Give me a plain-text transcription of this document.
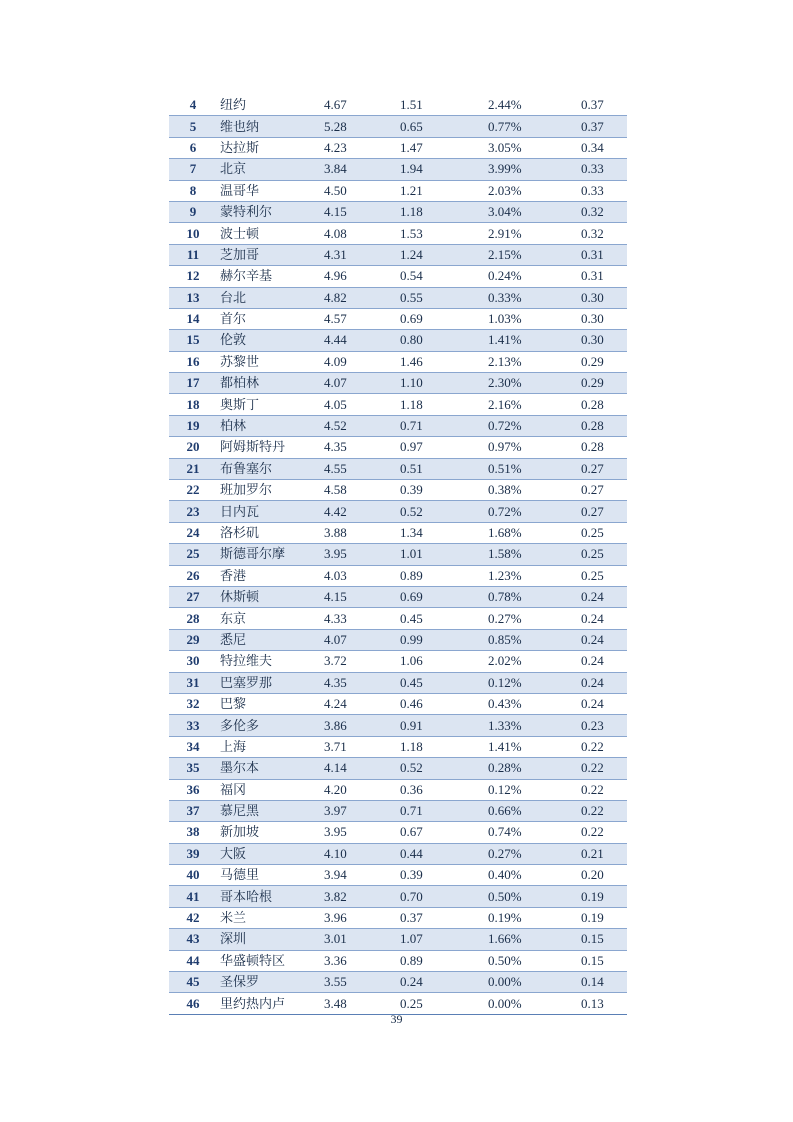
4	纽约	4.67	1.51	2.44%	0.37
5	维也纳	5.28	0.65	0.77%	0.37
6	达拉斯	4.23	1.47	3.05%	0.34
7	北京	3.84	1.94	3.99%	0.33
8	温哥华	4.50	1.21	2.03%	0.33
9	蒙特利尔	4.15	1.18	3.04%	0.32
10	波士顿	4.08	1.53	2.91%	0.32
11	芝加哥	4.31	1.24	2.15%	0.31
12	赫尔辛基	4.96	0.54	0.24%	0.31
13	台北	4.82	0.55	0.33%	0.30
14	首尔	4.57	0.69	1.03%	0.30
15	伦敦	4.44	0.80	1.41%	0.30
16	苏黎世	4.09	1.46	2.13%	0.29
17	都柏林	4.07	1.10	2.30%	0.29
18	奥斯丁	4.05	1.18	2.16%	0.28
19	柏林	4.52	0.71	0.72%	0.28
20	阿姆斯特丹	4.35	0.97	0.97%	0.28
21	布鲁塞尔	4.55	0.51	0.51%	0.27
22	班加罗尔	4.58	0.39	0.38%	0.27
23	日内瓦	4.42	0.52	0.72%	0.27
24	洛杉矶	3.88	1.34	1.68%	0.25
25	斯德哥尔摩	3.95	1.01	1.58%	0.25
26	香港	4.03	0.89	1.23%	0.25
27	休斯顿	4.15	0.69	0.78%	0.24
28	东京	4.33	0.45	0.27%	0.24
29	悉尼	4.07	0.99	0.85%	0.24
30	特拉维夫	3.72	1.06	2.02%	0.24
31	巴塞罗那	4.35	0.45	0.12%	0.24
32	巴黎	4.24	0.46	0.43%	0.24
33	多伦多	3.86	0.91	1.33%	0.23
34	上海	3.71	1.18	1.41%	0.22
35	墨尔本	4.14	0.52	0.28%	0.22
36	福冈	4.20	0.36	0.12%	0.22
37	慕尼黑	3.97	0.71	0.66%	0.22
38	新加坡	3.95	0.67	0.74%	0.22
39	大阪	4.10	0.44	0.27%	0.21
40	马德里	3.94	0.39	0.40%	0.20
41	哥本哈根	3.82	0.70	0.50%	0.19
42	米兰	3.96	0.37	0.19%	0.19
43	深圳	3.01	1.07	1.66%	0.15
44	华盛顿特区	3.36	0.89	0.50%	0.15
45	圣保罗	3.55	0.24	0.00%	0.14
46	里约热内卢	3.48	0.25	0.00%	0.13
39
